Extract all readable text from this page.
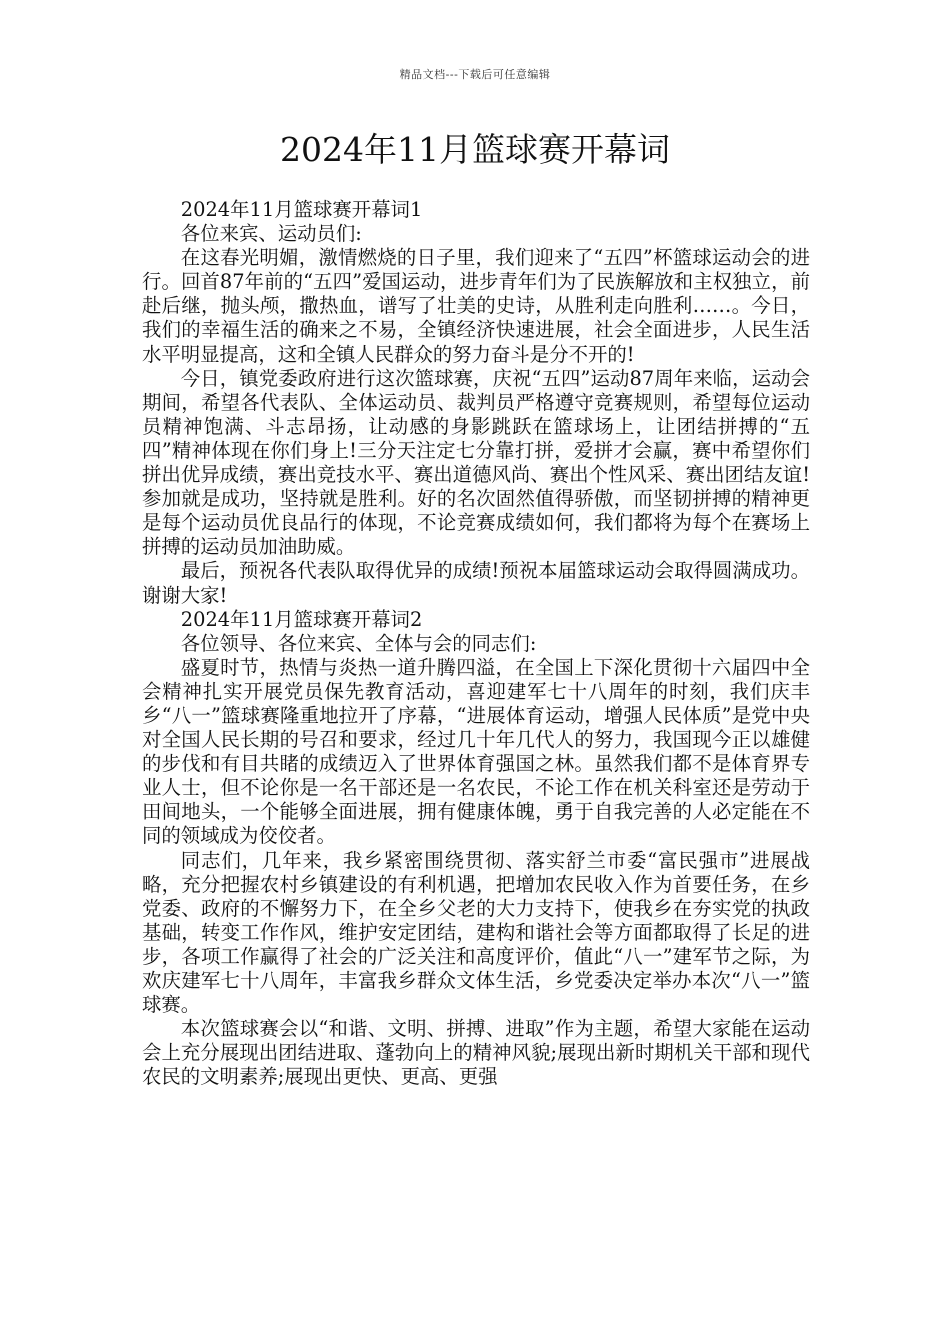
精品文档---下载后可任意编辑
2024年11月篮球赛开幕词

2024年11月篮球赛开幕词1

各位来宾、运动员们:

在这春光明媚，激情燃烧的日子里，我们迎来了“五四”杯篮球运动会的进行。回首87年前的“五四”爱国运动，进步青年们为了民族解放和主权独立，前赴后继，抛头颅，撒热血，谱写了壮美的史诗，从胜利走向胜利……。今日，我们的幸福生活的确来之不易，全镇经济快速进展，社会全面进步，人民生活水平明显提高，这和全镇人民群众的努力奋斗是分不开的!

今日，镇党委政府进行这次篮球赛，庆祝“五四”运动87周年来临，运动会期间，希望各代表队、全体运动员、裁判员严格遵守竞赛规则，希望每位运动员精神饱满、斗志昂扬，让动感的身影跳跃在篮球场上，让团结拼搏的“五四”精神体现在你们身上!三分天注定七分靠打拼，爱拼才会赢，赛中希望你们拼出优异成绩，赛出竞技水平、赛出道德风尚、赛出个性风采、赛出团结友谊!参加就是成功，坚持就是胜利。好的名次固然值得骄傲，而坚韧拼搏的精神更是每个运动员优良品行的体现，不论竞赛成绩如何，我们都将为每个在赛场上拼搏的运动员加油助威。

最后，预祝各代表队取得优异的成绩!预祝本届篮球运动会取得圆满成功。谢谢大家!

2024年11月篮球赛开幕词2

各位领导、各位来宾、全体与会的同志们:

盛夏时节，热情与炎热一道升腾四溢，在全国上下深化贯彻十六届四中全会精神扎实开展党员保先教育活动，喜迎建军七十八周年的时刻，我们庆丰乡“八一”篮球赛隆重地拉开了序幕，“进展体育运动，增强人民体质”是党中央对全国人民长期的号召和要求，经过几十年几代人的努力，我国现今正以雄健的步伐和有目共睹的成绩迈入了世界体育强国之林。虽然我们都不是体育界专业人士，但不论你是一名干部还是一名农民，不论工作在机关科室还是劳动于田间地头，一个能够全面进展，拥有健康体魄，勇于自我完善的人必定能在不同的领域成为佼佼者。

同志们，几年来，我乡紧密围绕贯彻、落实舒兰市委“富民强市”进展战略，充分把握农村乡镇建设的有利机遇，把增加农民收入作为首要任务，在乡党委、政府的不懈努力下，在全乡父老的大力支持下，使我乡在夯实党的执政基础，转变工作作风，维护安定团结，建构和谐社会等方面都取得了长足的进步，各项工作赢得了社会的广泛关注和高度评价，值此“八一”建军节之际，为欢庆建军七十八周年，丰富我乡群众文体生活，乡党委决定举办本次“八一”篮球赛。

本次篮球赛会以“和谐、文明、拼搏、进取”作为主题，希望大家能在运动会上充分展现出团结进取、蓬勃向上的精神风貌;展现出新时期机关干部和现代农民的文明素养;展现出更快、更高、更强
